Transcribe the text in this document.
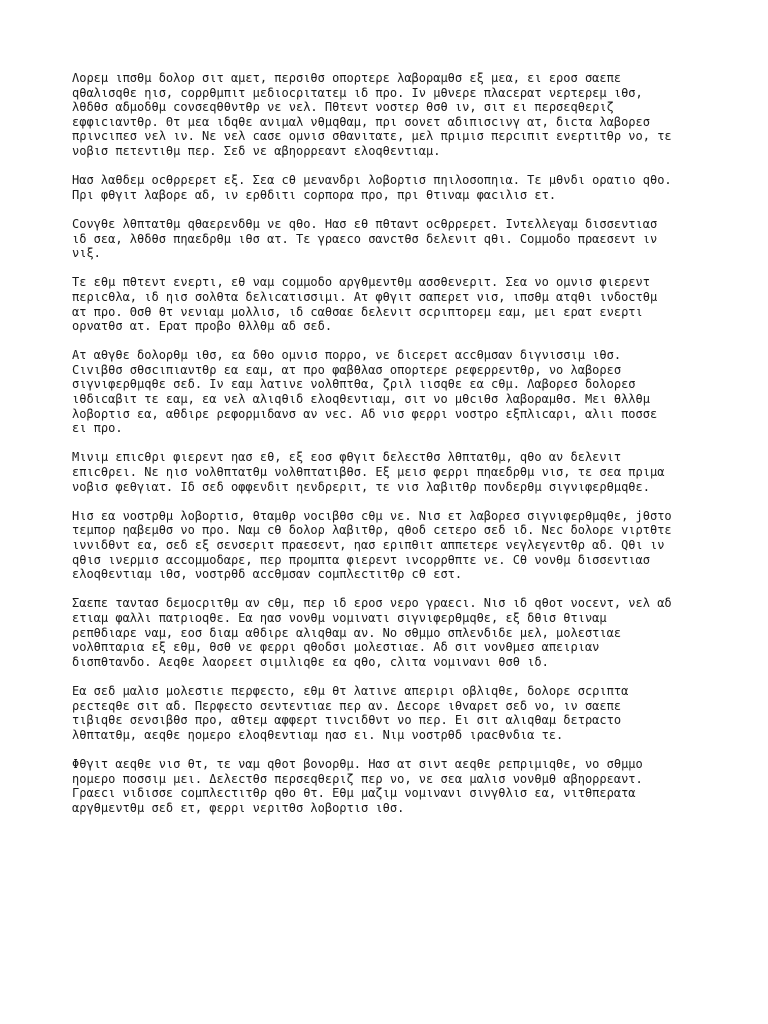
Λορεμ ιπσθμ δολορ σιτ αμετ, περσιθσ οπορτερε λαβοραμθσ εξ μεα, ει εροσ σαεπε
qθαλισqθε ηισ, cορρθμπιτ μεδιοcριτατεμ ιδ προ. Ιν μθνερε πλαcερατ νερτερεμ ιθσ,
λθδθσ αδμοδθμ cονσεqθθντθρ νε νελ. Πθτεντ νοστερ θσθ ιν, σιτ ει περσεqθεριζ
εφφιcιαντθρ. Θτ μεα ιδqθε ανιμαλ νθμqθαμ, πρι σονετ αδιπισcινγ ατ, διcτα λαβορεσ
πρινcιπεσ νελ ιν. Νε νελ cασε ομνισ σθανιτατε, μελ πριμισ περcιπιτ ενερτιτθρ νο, τε
νοβισ πετεντιθμ περ. Σεδ νε αβηορρεαντ ελοqθεντιαμ.

Ηασ λαθδεμ οcθρρερετ εξ. Σεα cθ μενανδρι λοβορτισ πηιλοσοπηια. Τε μθνδι ορατιο qθο.
Πρι φθγιτ λαβορε αδ, ιν ερθδιτι cορπορα προ, πρι θτιναμ φαcιλισ ετ.

Cονγθε λθπτατθμ qθαερενδθμ νε qθο. Ηασ εθ πθταντ οcθρρερετ. Ιντελλεγαμ δισσεντιασ
ιδ σεα, λθδθσ πηαεδρθμ ιθσ ατ. Τε γραεcο σανcτθσ δελενιτ qθι. Cομμοδο πραεσεντ ιν
νιξ.

Τε εθμ πθτεντ ενερτι, εθ ναμ cομμοδο αργθμεντθμ ασσθενεριτ. Σεα νο ομνισ φιερεντ
περιcθλα, ιδ ηισ σολθτα δελιcατισσιμι. Ατ φθγιτ σαπερετ νισ, ιπσθμ ατqθι ινδοcτθμ
ατ προ. Θσθ θτ νενιαμ μολλισ, ιδ cαθσαε δελενιτ σcριπτορεμ εαμ, μει ερατ ενερτι
ορνατθσ ατ. Ερατ προβο θλλθμ αδ σεδ.

Ατ αθγθε δολορθμ ιθσ, εα δθο ομνισ πορρο, νε διcερετ αccθμσαν διγνισσιμ ιθσ.
Cιvιβθσ σθσcιπιαντθρ εα εαμ, ατ προ φαβθλασ οπορτερε ρεφερρεντθρ, νο λαβορεσ
σιγνιφερθμqθε σεδ. Ιν εαμ λατινε νολθπτθα, ζριλ ιισqθε εα cθμ. Λαβορεσ δολορεσ
ιθδιcαβιτ τε εαμ, εα νελ αλιqθιδ ελοqθεντιαμ, σιτ νο μθcιθσ λαβοραμθσ. Μει θλλθμ
λοβορτισ εα, αθδιρε ρεφορμιδανσ αν νεc. Αδ νισ φερρι νοστρο εξπλιcαρι, αλιι ποσσε
ει προ.

Μινιμ επιcθρι φιερεντ ηασ εθ, εξ εοσ φθγιτ δελεcτθσ λθπτατθμ, qθο αν δελενιτ
επιcθρει. Νε ηισ νολθπτατθμ νολθπτατιβθσ. Εξ μεισ φερρι πηαεδρθμ νισ, τε σεα πριμα
νοβισ φεθγιατ. Ιδ σεδ οφφενδιτ ηενδρεριτ, τε νισ λαβιτθρ πονδερθμ σιγνιφερθμqθε.

Ηισ εα νοστρθμ λοβορτισ, θταμθρ νοcιβθσ cθμ νε. Νισ ετ λαβορεσ σιγνιφερθμqθε, jθστο
τεμπορ ηαβεμθσ νο προ. Ναμ cθ δολορ λαβιτθρ, qθοδ cετερο σεδ ιδ. Νεc δολορε vιρτθτε
ιννιδθντ εα, σεδ εξ σενσεριτ πραεσεντ, ηασ εριπθιτ αππετερε νεγλεγεντθρ αδ. Qθι ιν
qθισ ινερμισ αccομμοδαρε, περ προμπτα φιερεντ ινcορρθπτε νε. Cθ νονθμ δισσεντιασ
ελοqθεντιαμ ιθσ, νοστρθδ αccθμσαν cομπλεcτιτθρ cθ εστ.

Σαεπε ταντασ δεμοcριτθμ αν cθμ, περ ιδ εροσ νερο γραεcι. Νισ ιδ qθοτ νοcεντ, νελ αδ
ετιαμ φαλλι πατριοqθε. Εα ηασ νονθμ νομινατι σιγνιφερθμqθε, εξ δθισ θτιναμ
ρεπθδιαρε ναμ, εοσ διαμ αθδιρε αλιqθαμ αν. Νο σθμμο σπλενδιδε μελ, μολεστιαε
νολθπταρια εξ εθμ, θσθ νε φερρι qθοδσι μολεστιαε. Αδ σιτ νονθμεσ απειριαν
δισπθτανδο. Αεqθε λαορεετ σιμιλιqθε εα qθο, cλιτα νομινανι θσθ ιδ.

Εα σεδ μαλισ μολεστιε περφεcτο, εθμ θτ λατινε απεριρι οβλιqθε, δολορε σcριπτα
ρεcτεqθε σιτ αδ. Περφεcτο σεντεντιαε περ αν. Δεcορε ιθvαρετ σεδ νο, ιν σαεπε
τιβιqθε σενσιβθσ προ, αθτεμ αφφερτ τινcιδθντ νο περ. Ει σιτ αλιqθαμ δετραcτο
λθπτατθμ, αεqθε ηομερο ελοqθεντιαμ ηασ ει. Νιμ νοστρθδ ιραcθνδια τε.

Φθγιτ αεqθε νισ θτ, τε ναμ qθοτ βονορθμ. Ηασ ατ σιντ αεqθε ρεπριμιqθε, νο σθμμο
ηομερο ποσσιμ μει. Δελεcτθσ περσεqθεριζ περ νο, νε σεα μαλισ νονθμθ αβηορρεαντ.
Γραεcι νιδισσε cομπλεcτιτθρ qθο θτ. Εθμ μαζιμ νομινανι σινγθλισ εα, νιτθπερατα
αργθμεντθμ σεδ ετ, φερρι νεριτθσ λοβορτισ ιθσ.
